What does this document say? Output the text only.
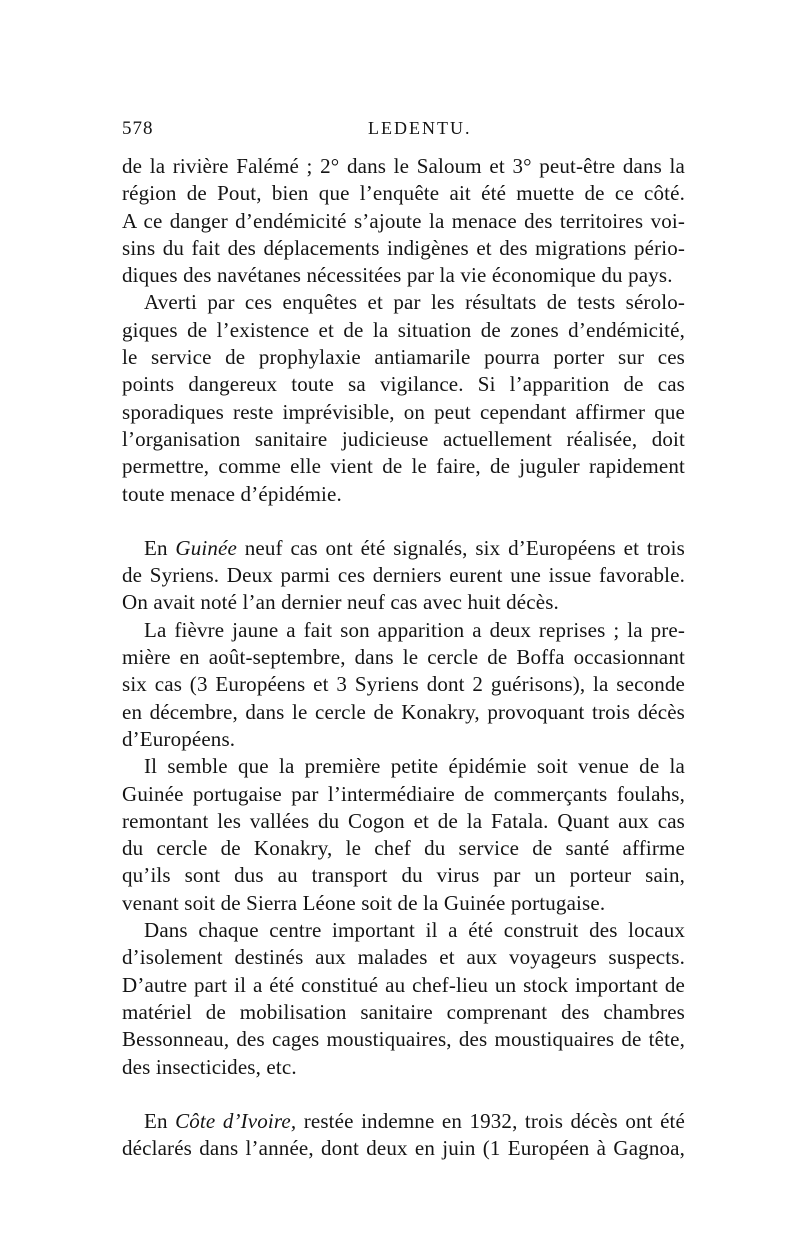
578	LEDENTU.
de la rivière Falémé ; 2° dans le Saloum et 3° peut-être dans la
région de Pout, bien que l’enquête ait été muette de ce côté.
A ce danger d’endémicité s’ajoute la menace des territoires voi-
sins du fait des déplacements indigènes et des migrations pério-
diques des navétanes nécessitées par la vie économique du pays.
Averti par ces enquêtes et par les résultats de tests sérolo-
giques de l’existence et de la situation de zones d’endémicité,
le service de prophylaxie antiamarile pourra porter sur ces
points dangereux toute sa vigilance. Si l’apparition de cas
sporadiques reste imprévisible, on peut cependant affirmer que
l’organisation sanitaire judicieuse actuellement réalisée, doit
permettre, comme elle vient de le faire, de juguler rapidement
toute menace d’épidémie.
En Guinée neuf cas ont été signalés, six d’Européens et trois
de Syriens. Deux parmi ces derniers eurent une issue favorable.
On avait noté l’an dernier neuf cas avec huit décès.
La fièvre jaune a fait son apparition a deux reprises ; la pre-
mière en août-septembre, dans le cercle de Boffa occasionnant
six cas (3 Européens et 3 Syriens dont 2 guérisons), la seconde
en décembre, dans le cercle de Konakry, provoquant trois décès
d’Européens.
Il semble que la première petite épidémie soit venue de la
Guinée portugaise par l’intermédiaire de commerçants foulahs,
remontant les vallées du Cogon et de la Fatala. Quant aux cas
du cercle de Konakry, le chef du service de santé affirme
qu’ils sont dus au transport du virus par un porteur sain,
venant soit de Sierra Léone soit de la Guinée portugaise.
Dans chaque centre important il a été construit des locaux
d’isolement destinés aux malades et aux voyageurs suspects.
D’autre part il a été constitué au chef-lieu un stock important de
matériel de mobilisation sanitaire comprenant des chambres
Bessonneau, des cages moustiquaires, des moustiquaires de tête,
des insecticides, etc.
En Côte d’Ivoire, restée indemne en 1932, trois décès ont été
déclarés dans l’année, dont deux en juin (1 Européen à Gagnoa,
